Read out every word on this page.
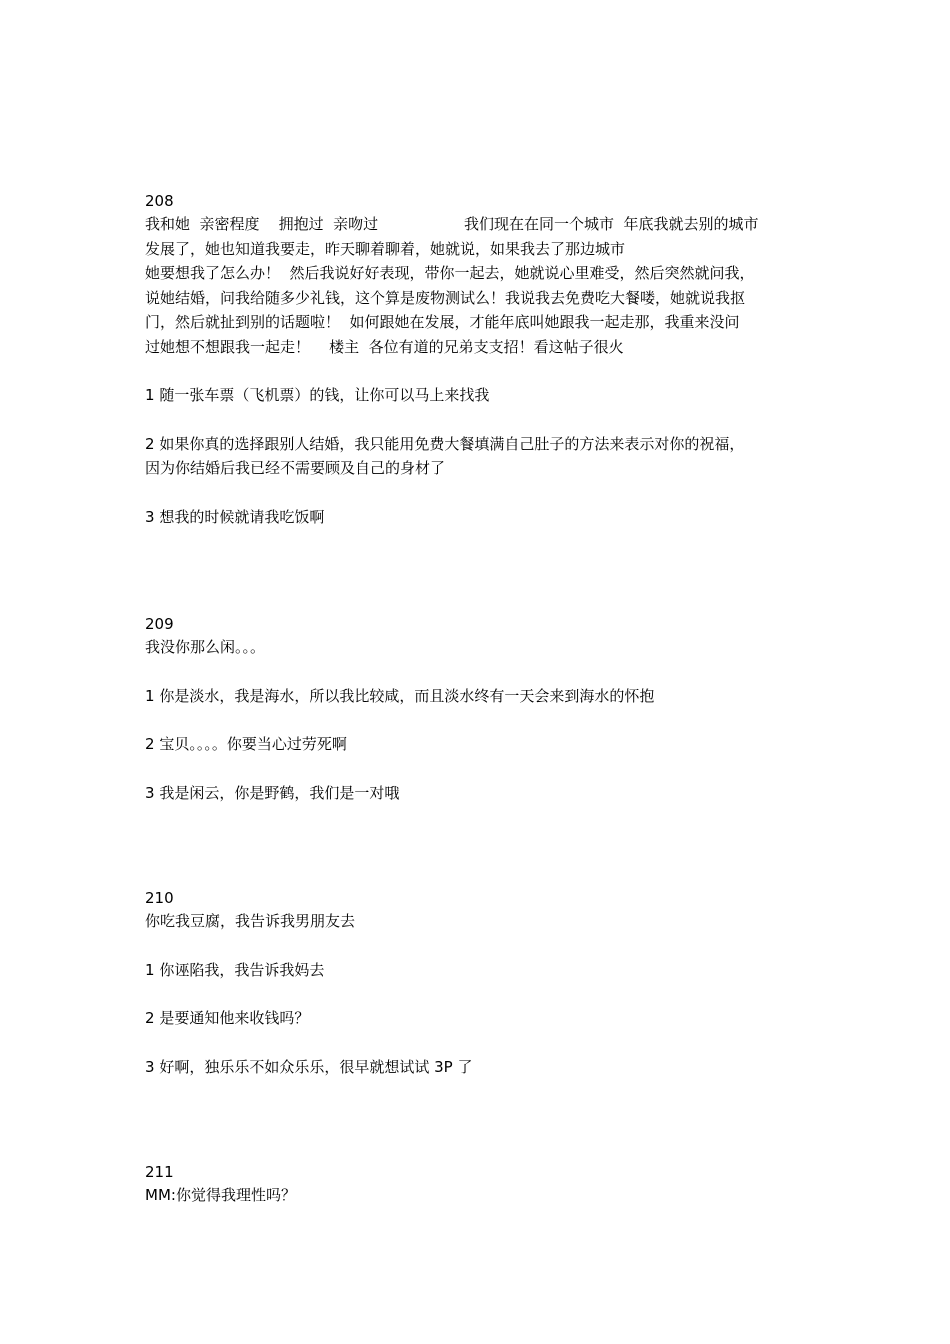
208
我和她  亲密程度    拥抱过  亲吻过                  我们现在在同一个城市  年底我就去别的城市
发展了，她也知道我要走，昨天聊着聊着，她就说，如果我去了那边城市
她要想我了怎么办！  然后我说好好表现，带你一起去，她就说心里难受，然后突然就问我，
说她结婚，问我给随多少礼钱，这个算是废物测试么！我说我去免费吃大餐喽，她就说我抠
门，然后就扯到别的话题啦！  如何跟她在发展，才能年底叫她跟我一起走那，我重来没问
过她想不想跟我一起走！    楼主  各位有道的兄弟支支招！看这帖子很火
1 随一张车票（飞机票）的钱，让你可以马上来找我
2 如果你真的选择跟别人结婚，我只能用免费大餐填满自己肚子的方法来表示对你的祝福，
因为你结婚后我已经不需要顾及自己的身材了
3 想我的时候就请我吃饭啊
209
我没你那么闲。。。
1 你是淡水，我是海水，所以我比较咸，而且淡水终有一天会来到海水的怀抱
2 宝贝。。。。你要当心过劳死啊
3 我是闲云，你是野鹤，我们是一对哦
210
你吃我豆腐，我告诉我男朋友去
1 你诬陷我，我告诉我妈去
2 是要通知他来收钱吗？
3 好啊，独乐乐不如众乐乐，很早就想试试 3P 了
211
MM:你觉得我理性吗？
